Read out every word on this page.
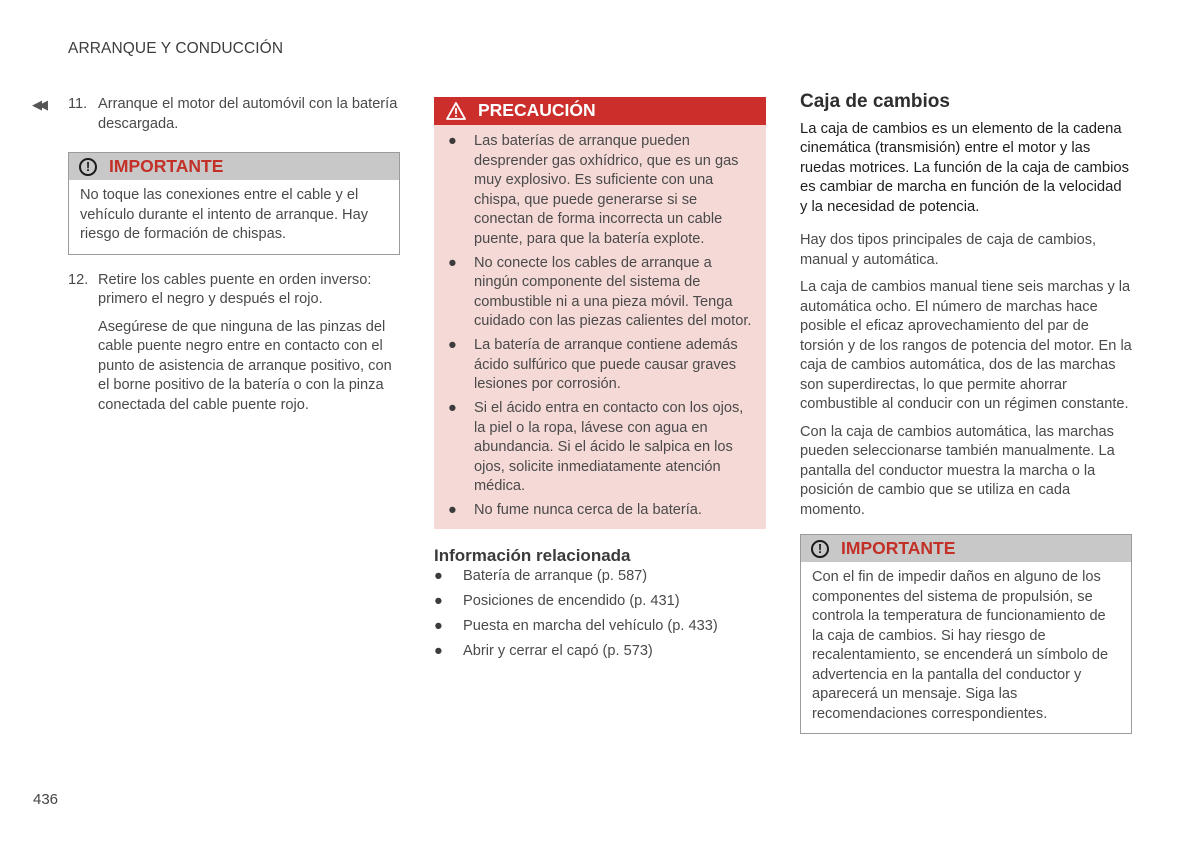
ARRANQUE Y CONDUCCIÓN
◀◀ 11. Arranque el motor del automóvil con la batería descargada.
!	IMPORTANTE
No toque las conexiones entre el cable y el vehículo durante el intento de arranque. Hay riesgo de formación de chispas.
12. Retire los cables puente en orden inverso: primero el negro y después el rojo.
Asegúrese de que ninguna de las pinzas del cable puente negro entre en contacto con el punto de asistencia de arranque positivo, con el borne positivo de la batería o con la pinza conectada del cable puente rojo.
PRECAUCIÓN
● Las baterías de arranque pueden desprender gas oxhídrico, que es un gas muy explosivo. Es suficiente con una chispa, que puede generarse si se conectan de forma incorrecta un cable puente, para que la batería explote.
● No conecte los cables de arranque a ningún componente del sistema de combustible ni a una pieza móvil. Tenga cuidado con las piezas calientes del motor.
● La batería de arranque contiene además ácido sulfúrico que puede causar graves lesiones por corrosión.
● Si el ácido entra en contacto con los ojos, la piel o la ropa, lávese con agua en abundancia. Si el ácido le salpica en los ojos, solicite inmediatamente atención médica.
● No fume nunca cerca de la batería.
Información relacionada
● Batería de arranque (p. 587)
● Posiciones de encendido (p. 431)
● Puesta en marcha del vehículo (p. 433)
● Abrir y cerrar el capó (p. 573)
Caja de cambios
La caja de cambios es un elemento de la cadena cinemática (transmisión) entre el motor y las ruedas motrices. La función de la caja de cambios es cambiar de marcha en función de la velocidad y la necesidad de potencia.
Hay dos tipos principales de caja de cambios, manual y automática.
La caja de cambios manual tiene seis marchas y la automática ocho. El número de marchas hace posible el eficaz aprovechamiento del par de torsión y de los rangos de potencia del motor. En la caja de cambios automática, dos de las marchas son superdirectas, lo que permite ahorrar combustible al conducir con un régimen constante.
Con la caja de cambios automática, las marchas pueden seleccionarse también manualmente. La pantalla del conductor muestra la marcha o la posición de cambio que se utiliza en cada momento.
!	IMPORTANTE
Con el fin de impedir daños en alguno de los componentes del sistema de propulsión, se controla la temperatura de funcionamiento de la caja de cambios. Si hay riesgo de recalentamiento, se encenderá un símbolo de advertencia en la pantalla del conductor y aparecerá un mensaje. Siga las recomendaciones correspondientes.
436
